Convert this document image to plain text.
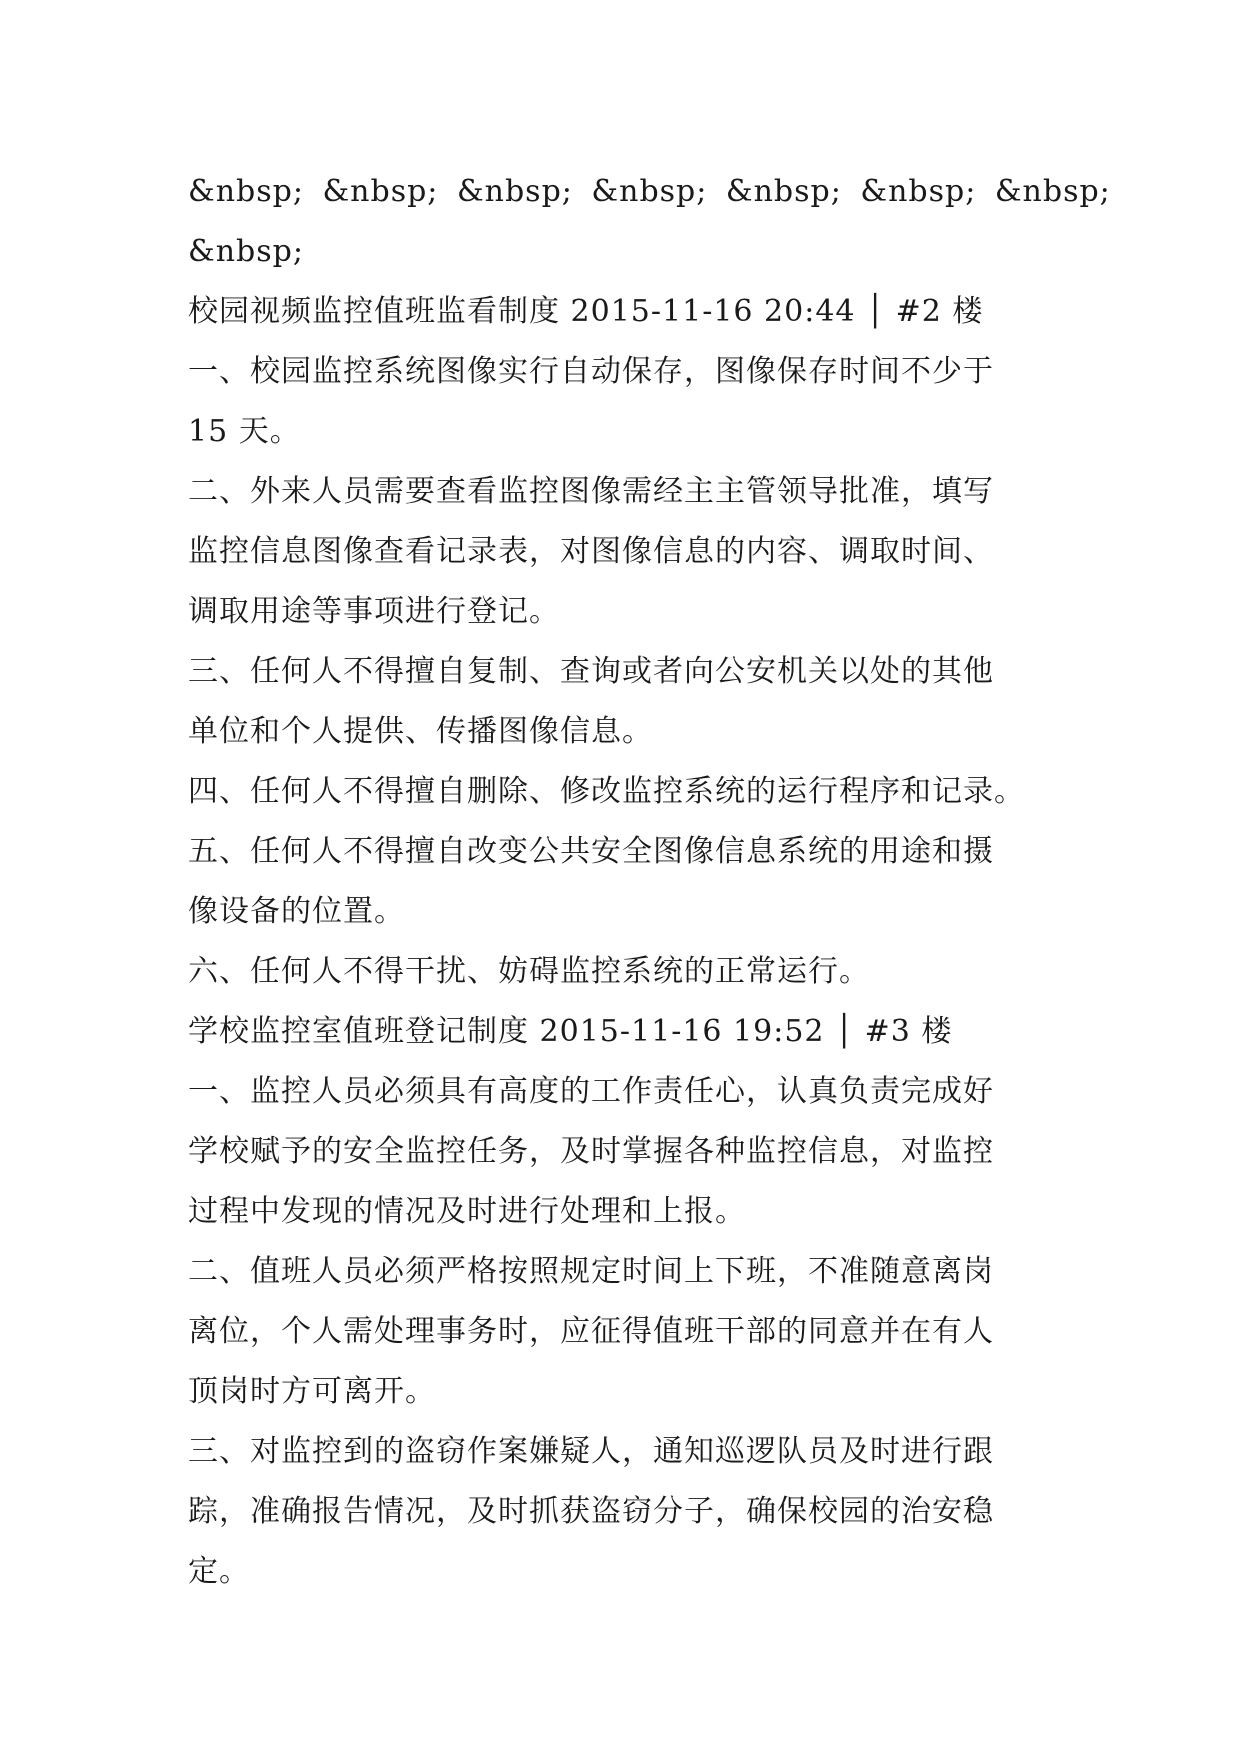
&nbsp; &nbsp; &nbsp; &nbsp; &nbsp; &nbsp; &nbsp;
&nbsp;
校园视频监控值班监看制度 2015-11-16 20:44 │ #2 楼
一、校园监控系统图像实行自动保存，图像保存时间不少于
15 天。
二、外来人员需要查看监控图像需经主主管领导批准，填写
监控信息图像查看记录表，对图像信息的内容、调取时间、
调取用途等事项进行登记。
三、任何人不得擅自复制、查询或者向公安机关以处的其他
单位和个人提供、传播图像信息。
四、任何人不得擅自删除、修改监控系统的运行程序和记录。
五、任何人不得擅自改变公共安全图像信息系统的用途和摄
像设备的位置。
六、任何人不得干扰、妨碍监控系统的正常运行。
学校监控室值班登记制度 2015-11-16 19:52 │ #3 楼
一、监控人员必须具有高度的工作责任心，认真负责完成好
学校赋予的安全监控任务，及时掌握各种监控信息，对监控
过程中发现的情况及时进行处理和上报。
二、值班人员必须严格按照规定时间上下班，不准随意离岗
离位，个人需处理事务时，应征得值班干部的同意并在有人
顶岗时方可离开。
三、对监控到的盗窃作案嫌疑人，通知巡逻队员及时进行跟
踪，准确报告情况，及时抓获盗窃分子，确保校园的治安稳
定。
